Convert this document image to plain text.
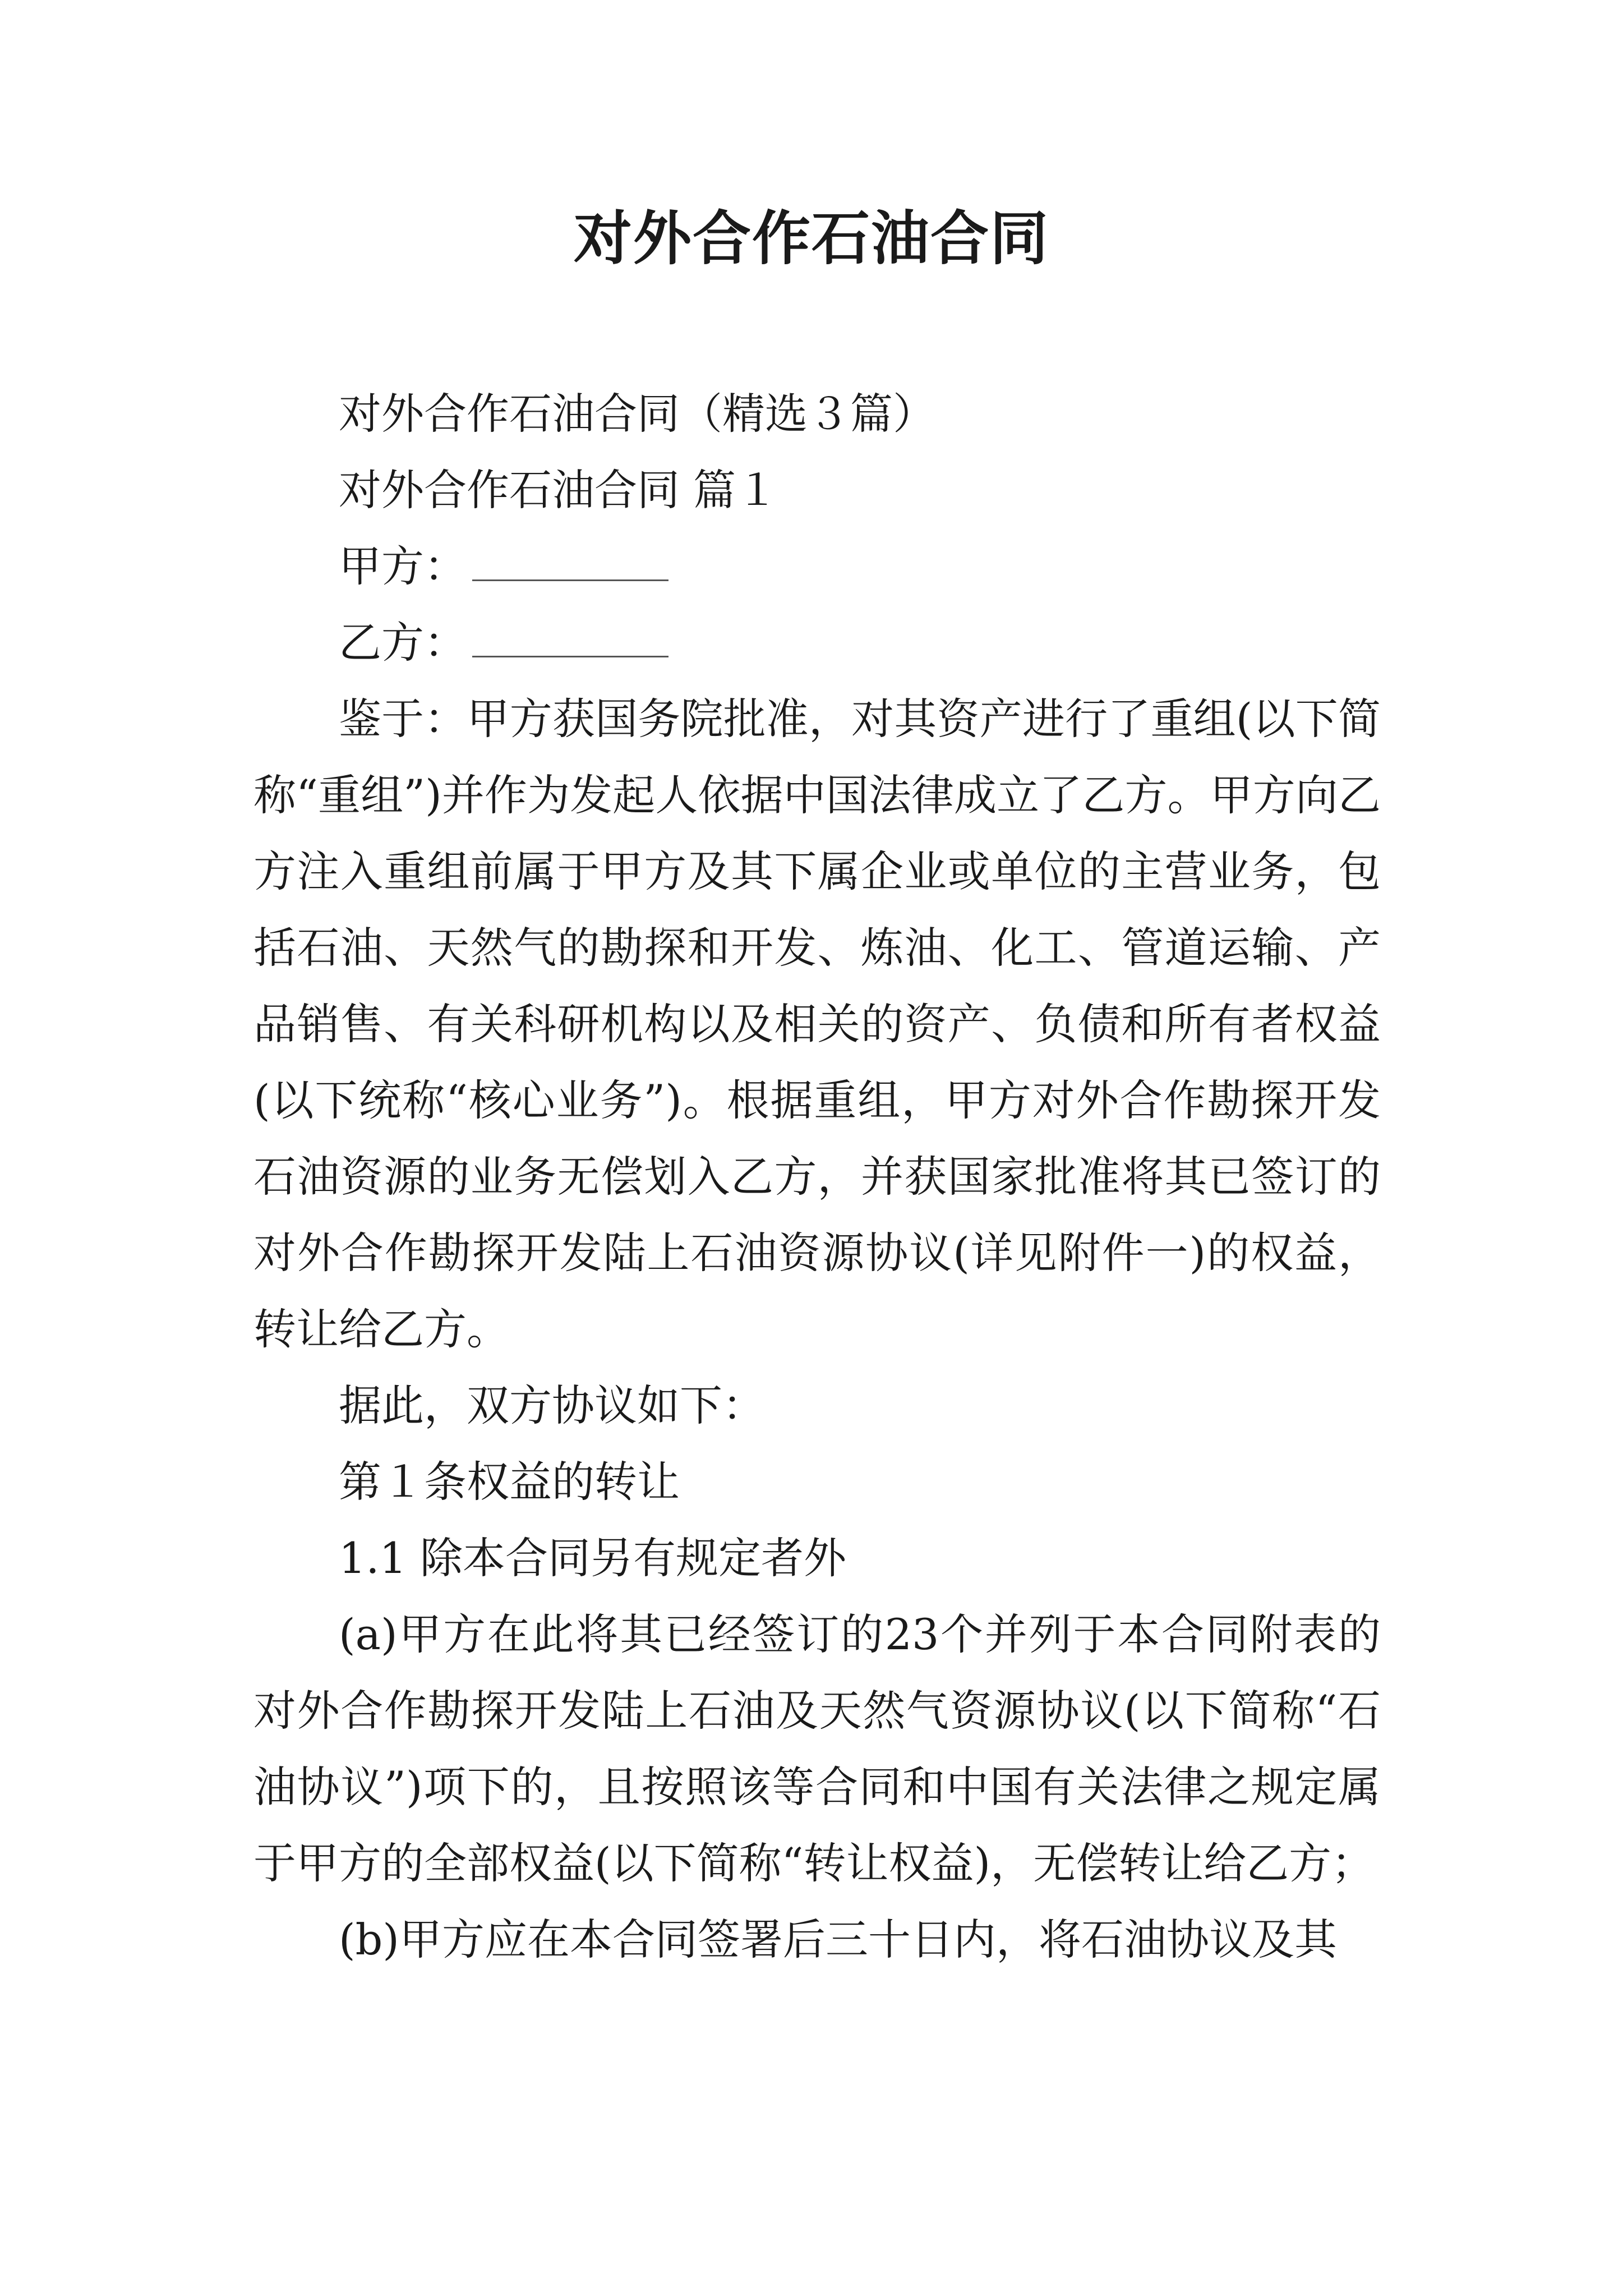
对外合作石油合同

对外合作石油合同（精选３篇）

对外合作石油合同 篇１

甲方：

乙方：

鉴于：甲方获国务院批准，对其资产进行了重组(以下简称“重组”)并作为发起人依据中国法律成立了乙方。甲方向乙方注入重组前属于甲方及其下属企业或单位的主营业务，包括石油、天然气的勘探和开发、炼油、化工、管道运输、产品销售、有关科研机构以及相关的资产、负债和所有者权益(以下统称“核心业务”)。根据重组，甲方对外合作勘探开发石油资源的业务无偿划入乙方，并获国家批准将其已签订的对外合作勘探开发陆上石油资源协议(详见附件一)的权益，转让给乙方。

据此，双方协议如下：

第１条权益的转让

1.1 除本合同另有规定者外

(a)甲方在此将其已经签订的23个并列于本合同附表的对外合作勘探开发陆上石油及天然气资源协议(以下简称“石油协议”)项下的，且按照该等合同和中国有关法律之规定属于甲方的全部权益(以下简称“转让权益)，无偿转让给乙方；

(b)甲方应在本合同签署后三十日内，将石油协议及其
